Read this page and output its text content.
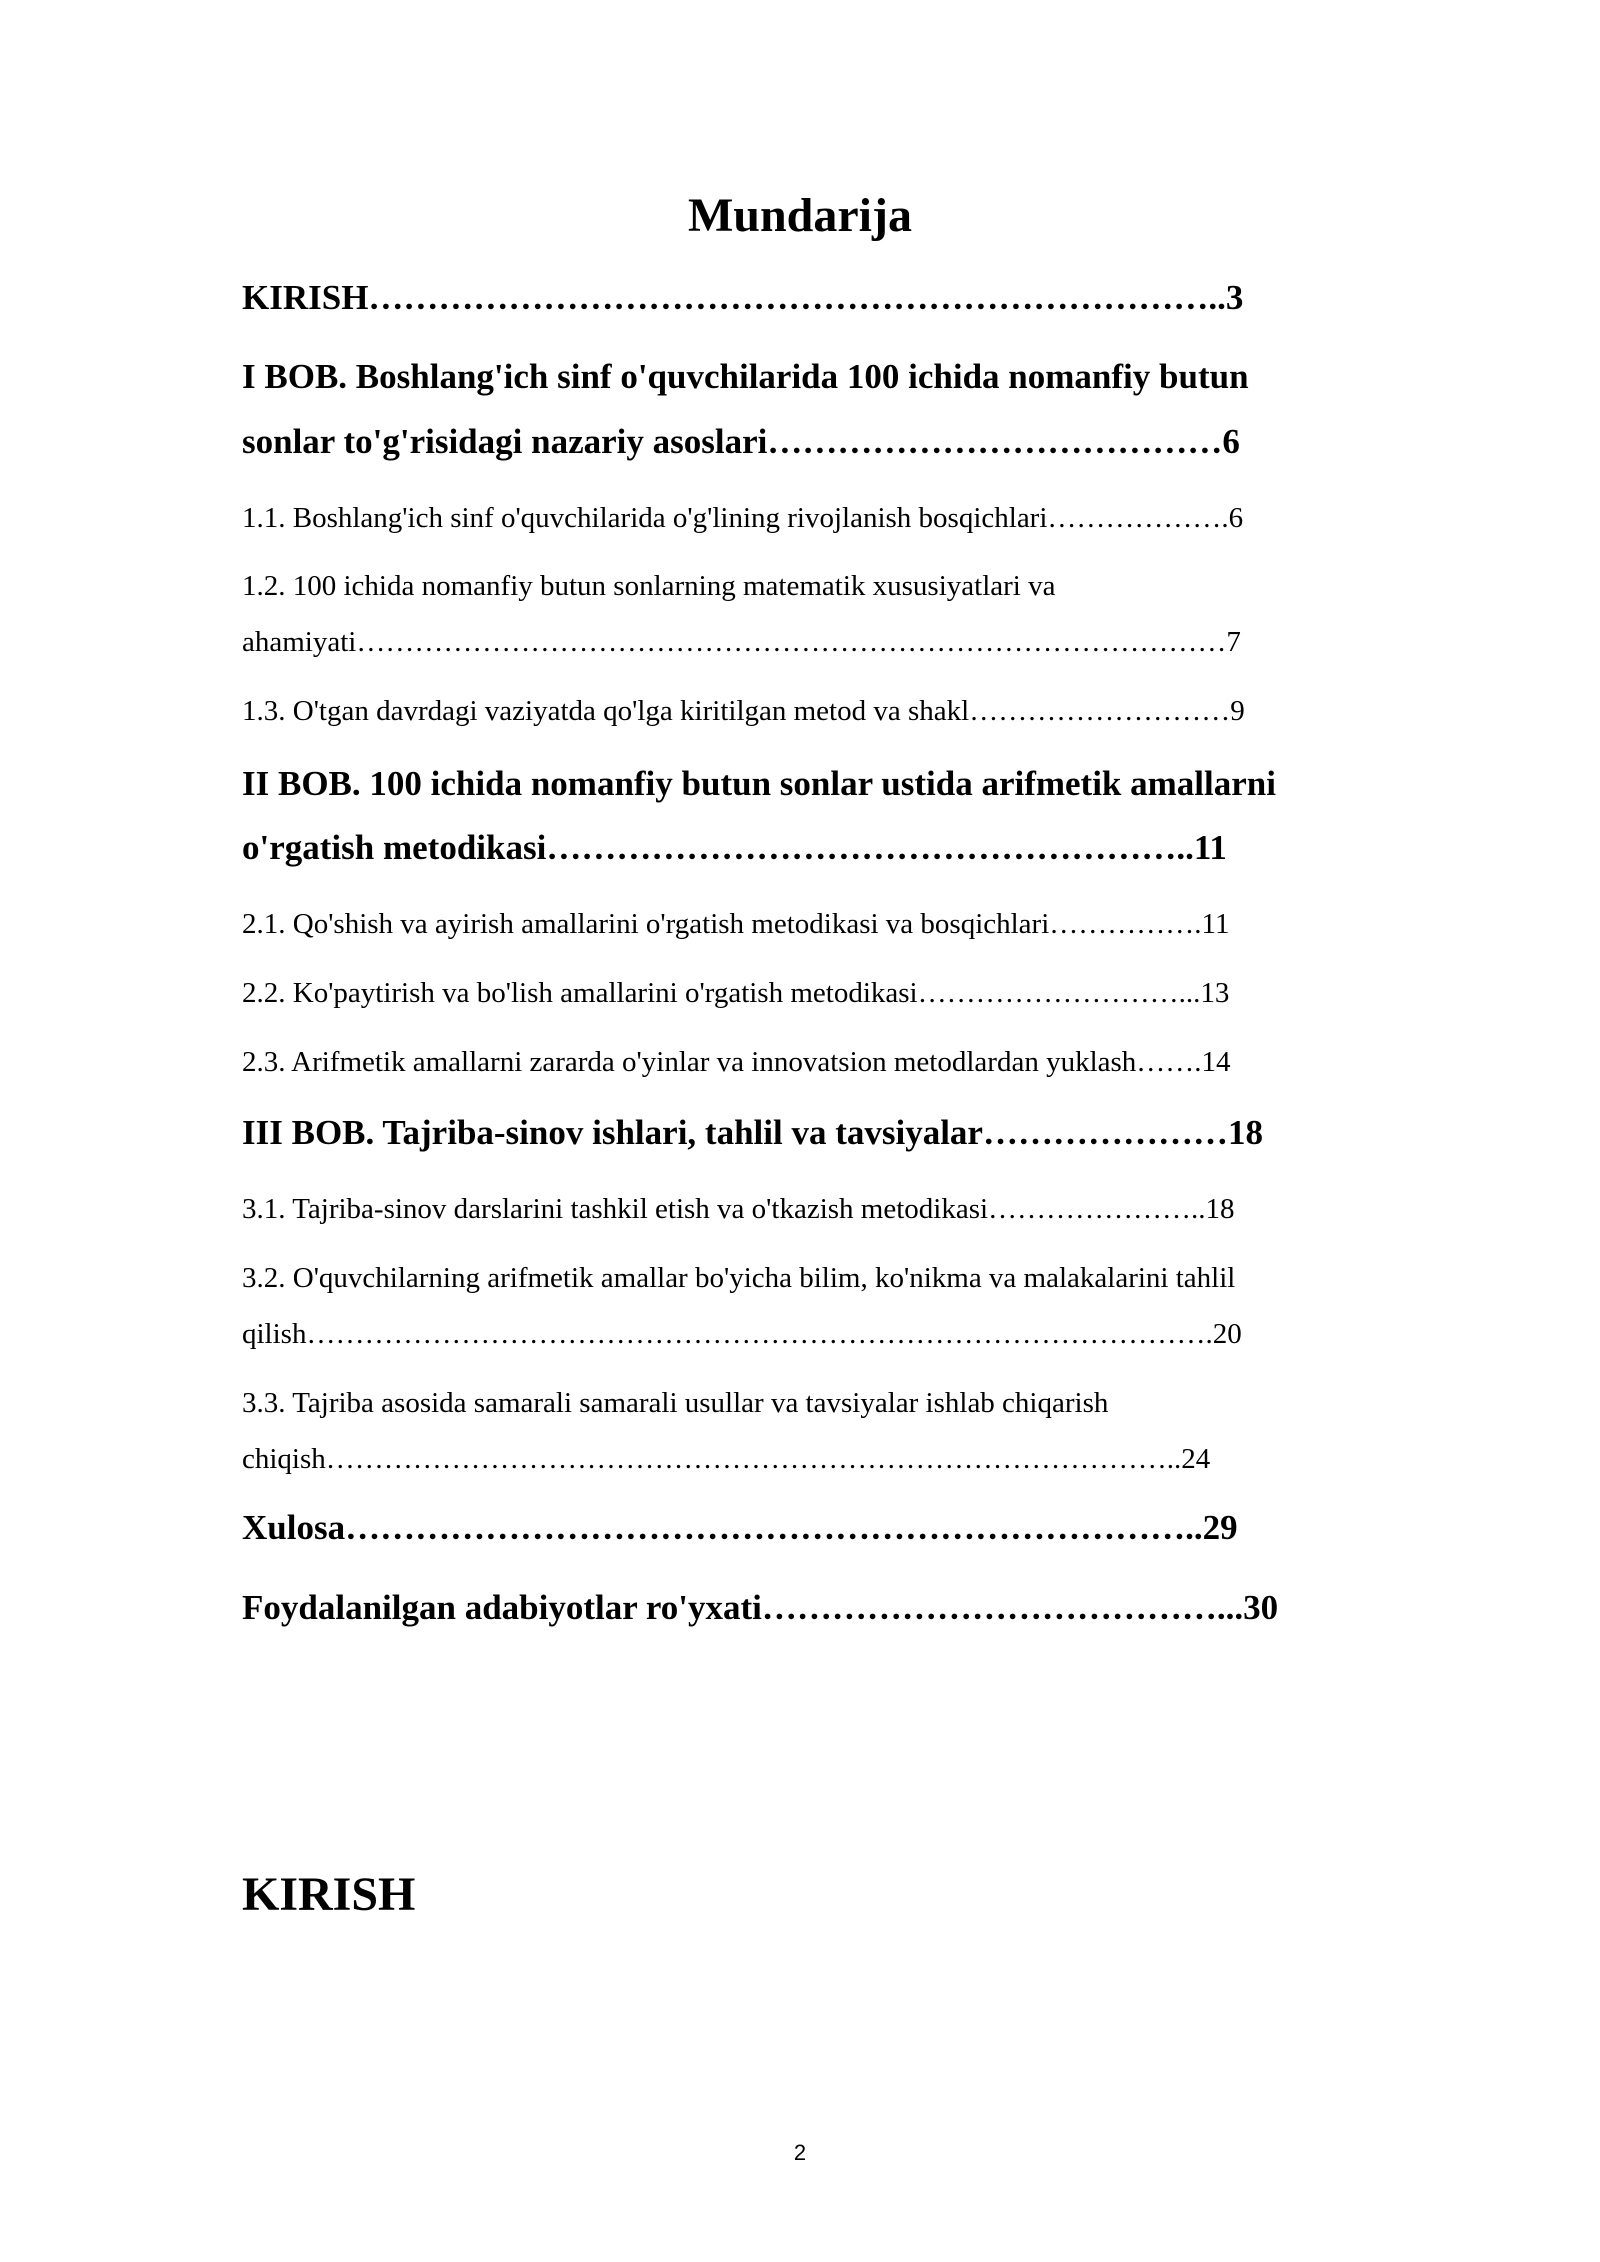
Mundarija
KIRISH………………………………………………………………..3
I BOB. Boshlang'ich sinf o'quvchilarida 100 ichida nomanfiy butun
sonlar to'g'risidagi nazariy asoslari…………………………………6
1.1. Boshlang'ich sinf o'quvchilarida o'g'lining rivojlanish bosqichlari……………….6
1.2. 100 ichida nomanfiy butun sonlarning matematik xususiyatlari va
ahamiyati………………………………………………………………………………7
1.3. O'tgan davrdagi vaziyatda qo'lga kiritilgan metod va shakl………………………9
II BOB. 100 ichida nomanfiy butun sonlar ustida arifmetik amallarni
o'rgatish metodikasi………………………………………………..11
2.1. Qo'shish va ayirish amallarini o'rgatish metodikasi va bosqichlari…………….11
2.2. Ko'paytirish va bo'lish amallarini o'rgatish metodikasi………………………...13
2.3. Arifmetik amallarni zararda o'yinlar va innovatsion metodlardan yuklash…….14
III BOB. Tajriba-sinov ishlari, tahlil va tavsiyalar…………………18
3.1. Tajriba-sinov darslarini tashkil etish va o'tkazish metodikasi…………………..18
3.2. O'quvchilarning arifmetik amallar bo'yicha bilim, ko'nikma va malakalarini tahlil
qilish………………………………………………………………………………….20
3.3. Tajriba asosida samarali samarali usullar va tavsiyalar ishlab chiqarish
chiqish……………………………………………………………………………..24
Xulosa………………………………………………………………..29
Foydalanilgan adabiyotlar ro'yxati…………………………………...30
KIRISH
2
